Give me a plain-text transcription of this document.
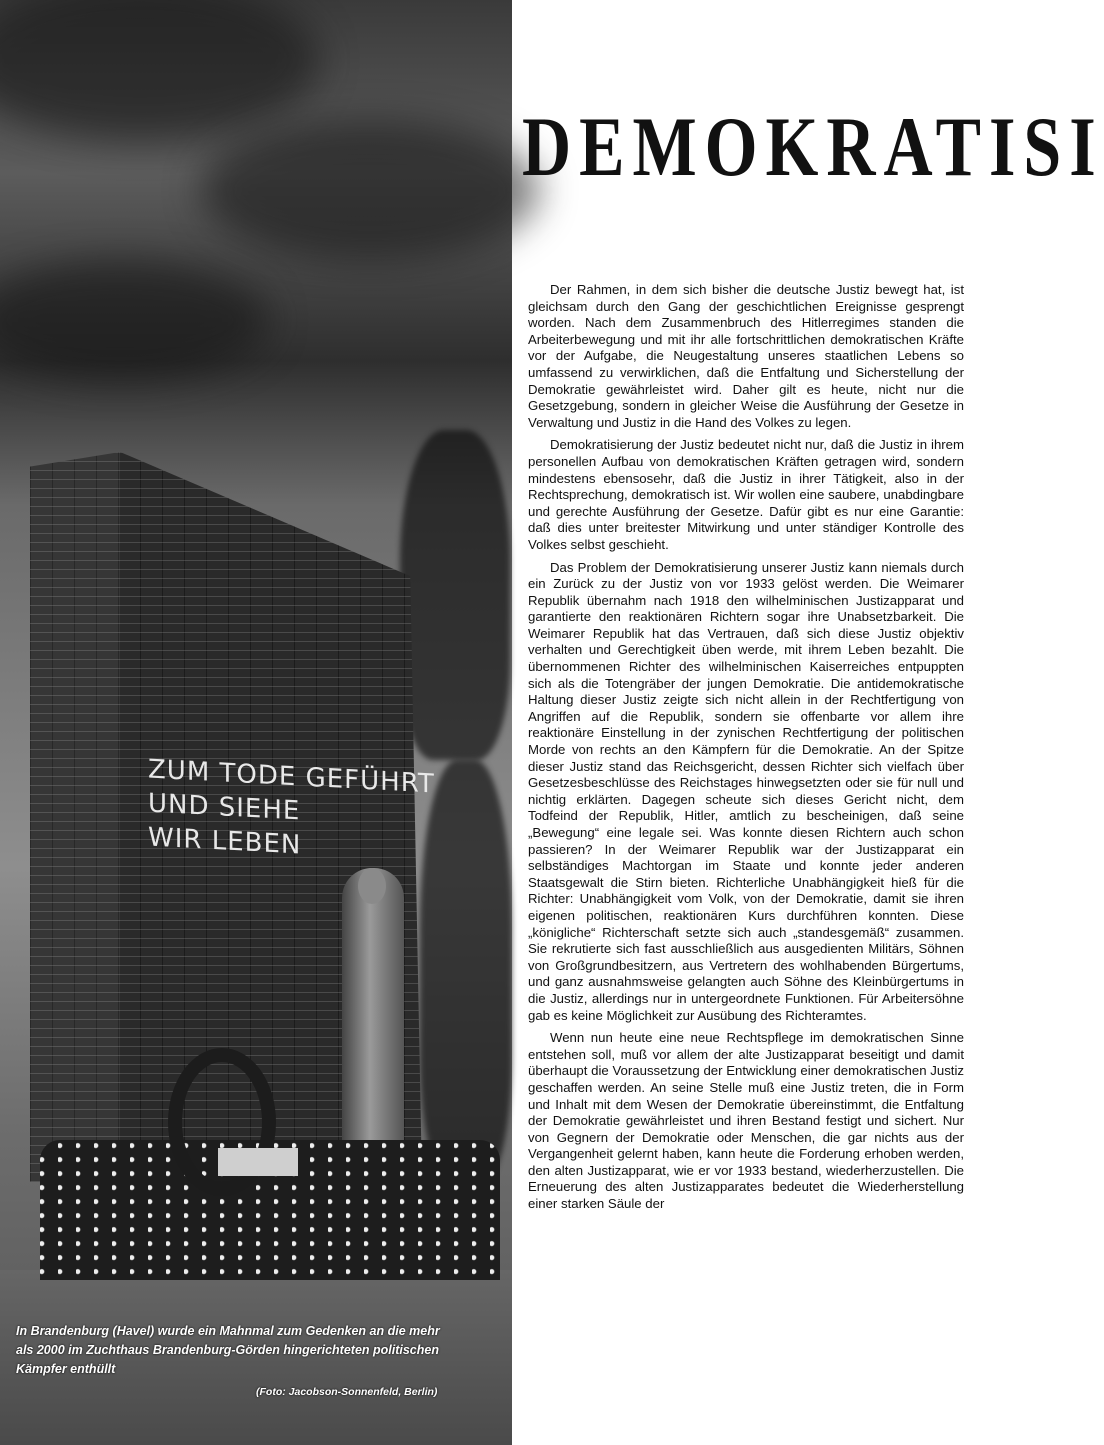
ZUM TODE GEFÜHRT
UND SIEHE
WIR LEBEN
In Brandenburg (Havel) wurde ein Mahnmal zum Gedenken an die mehr als 2000 im Zuchthaus Brandenburg-Görden hingerichteten politischen Kämpfer enthüllt
(Foto: Jacobson-Sonnenfeld, Berlin)
DEMOKRATISI

Der Rahmen, in dem sich bisher die deutsche Justiz bewegt hat, ist gleichsam durch den Gang der geschichtlichen Ereignisse gesprengt worden. Nach dem Zusammenbruch des Hitlerregimes standen die Arbeiterbewegung und mit ihr alle fortschrittlichen demokratischen Kräfte vor der Aufgabe, die Neugestaltung unseres staatlichen Lebens so umfassend zu verwirklichen, daß die Entfaltung und Sicherstellung der Demokratie gewährleistet wird. Daher gilt es heute, nicht nur die Gesetzgebung, sondern in gleicher Weise die Ausführung der Gesetze in Verwaltung und Justiz in die Hand des Volkes zu legen.

Demokratisierung der Justiz bedeutet nicht nur, daß die Justiz in ihrem personellen Aufbau von demokratischen Kräften getragen wird, sondern mindestens ebensosehr, daß die Justiz in ihrer Tätigkeit, also in der Rechtsprechung, demokratisch ist. Wir wollen eine saubere, unabdingbare und gerechte Ausführung der Gesetze. Dafür gibt es nur eine Garantie: daß dies unter breitester Mitwirkung und unter ständiger Kontrolle des Volkes selbst geschieht.

Das Problem der Demokratisierung unserer Justiz kann niemals durch ein Zurück zu der Justiz von vor 1933 gelöst werden. Die Weimarer Republik übernahm nach 1918 den wilhelminischen Justizapparat und garantierte den reaktionären Richtern sogar ihre Unabsetzbarkeit. Die Weimarer Republik hat das Vertrauen, daß sich diese Justiz objektiv verhalten und Gerechtigkeit üben werde, mit ihrem Leben bezahlt. Die übernommenen Richter des wilhelminischen Kaiserreiches entpuppten sich als die Totengräber der jungen Demokratie. Die antidemokratische Haltung dieser Justiz zeigte sich nicht allein in der Rechtfertigung von Angriffen auf die Republik, sondern sie offenbarte vor allem ihre reaktionäre Einstellung in der zynischen Rechtfertigung der politischen Morde von rechts an den Kämpfern für die Demokratie. An der Spitze dieser Justiz stand das Reichsgericht, dessen Richter sich vielfach über Gesetzesbeschlüsse des Reichstages hinwegsetzten oder sie für null und nichtig erklärten. Dagegen scheute sich dieses Gericht nicht, dem Todfeind der Republik, Hitler, amtlich zu bescheinigen, daß seine „Bewegung“ eine legale sei. Was konnte diesen Richtern auch schon passieren? In der Weimarer Republik war der Justizapparat ein selbständiges Machtorgan im Staate und konnte jeder anderen Staatsgewalt die Stirn bieten. Richterliche Unabhängigkeit hieß für die Richter: Unabhängigkeit vom Volk, von der Demokratie, damit sie ihren eigenen politischen, reaktionären Kurs durchführen konnten. Diese „königliche“ Richterschaft setzte sich auch „standesgemäß“ zusammen. Sie rekrutierte sich fast ausschließlich aus ausgedienten Militärs, Söhnen von Großgrundbesitzern, aus Vertretern des wohlhabenden Bürgertums, und ganz ausnahmsweise gelangten auch Söhne des Kleinbürgertums in die Justiz, allerdings nur in untergeordnete Funktionen. Für Arbeitersöhne gab es keine Möglichkeit zur Ausübung des Richteramtes.

Wenn nun heute eine neue Rechtspflege im demokratischen Sinne entstehen soll, muß vor allem der alte Justizapparat beseitigt und damit überhaupt die Voraussetzung der Entwicklung einer demokratischen Justiz geschaffen werden. An seine Stelle muß eine Justiz treten, die in Form und Inhalt mit dem Wesen der Demokratie übereinstimmt, die Entfaltung der Demokratie gewährleistet und ihren Bestand festigt und sichert. Nur von Gegnern der Demokratie oder Menschen, die gar nichts aus der Vergangenheit gelernt haben, kann heute die Forderung erhoben werden, den alten Justizapparat, wie er vor 1933 bestand, wiederherzustellen. Die Erneuerung des alten Justizapparates bedeutet die Wiederherstellung einer starken Säule der
